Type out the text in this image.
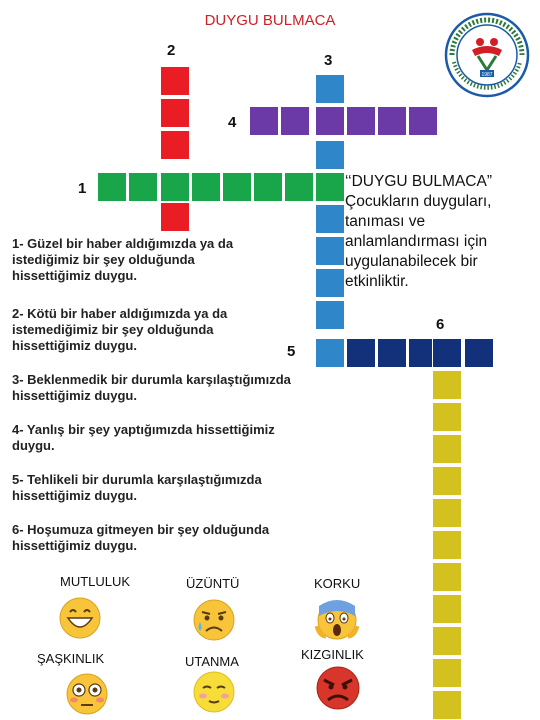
DUYGU BULMACA
1987
2
3
4
1
5
6
‘‘DUYGU BULMACA” Çocukların duyguları, tanıması ve anlamlandırması için uygulanabilecek bir etkinliktir.
1- Güzel bir haber aldığımızda ya da istediğimiz bir şey olduğunda hissettiğimiz duygu.
2- Kötü bir haber aldığımızda ya da istemediğimiz bir şey olduğunda hissettiğimiz duygu.
3- Beklenmedik bir durumla karşılaştığımızda hissettiğimiz duygu.
4- Yanlış bir şey yaptığımızda hissettiğimiz duygu.
5- Tehlikeli bir durumla karşılaştığımızda hissettiğimiz duygu.
6- Hoşumuza gitmeyen bir şey olduğunda hissettiğimiz duygu.
MUTLULUK	ÜZÜNTÜ	KORKU
ŞAŞKINLIK	UTANMA	KIZGINLIK
